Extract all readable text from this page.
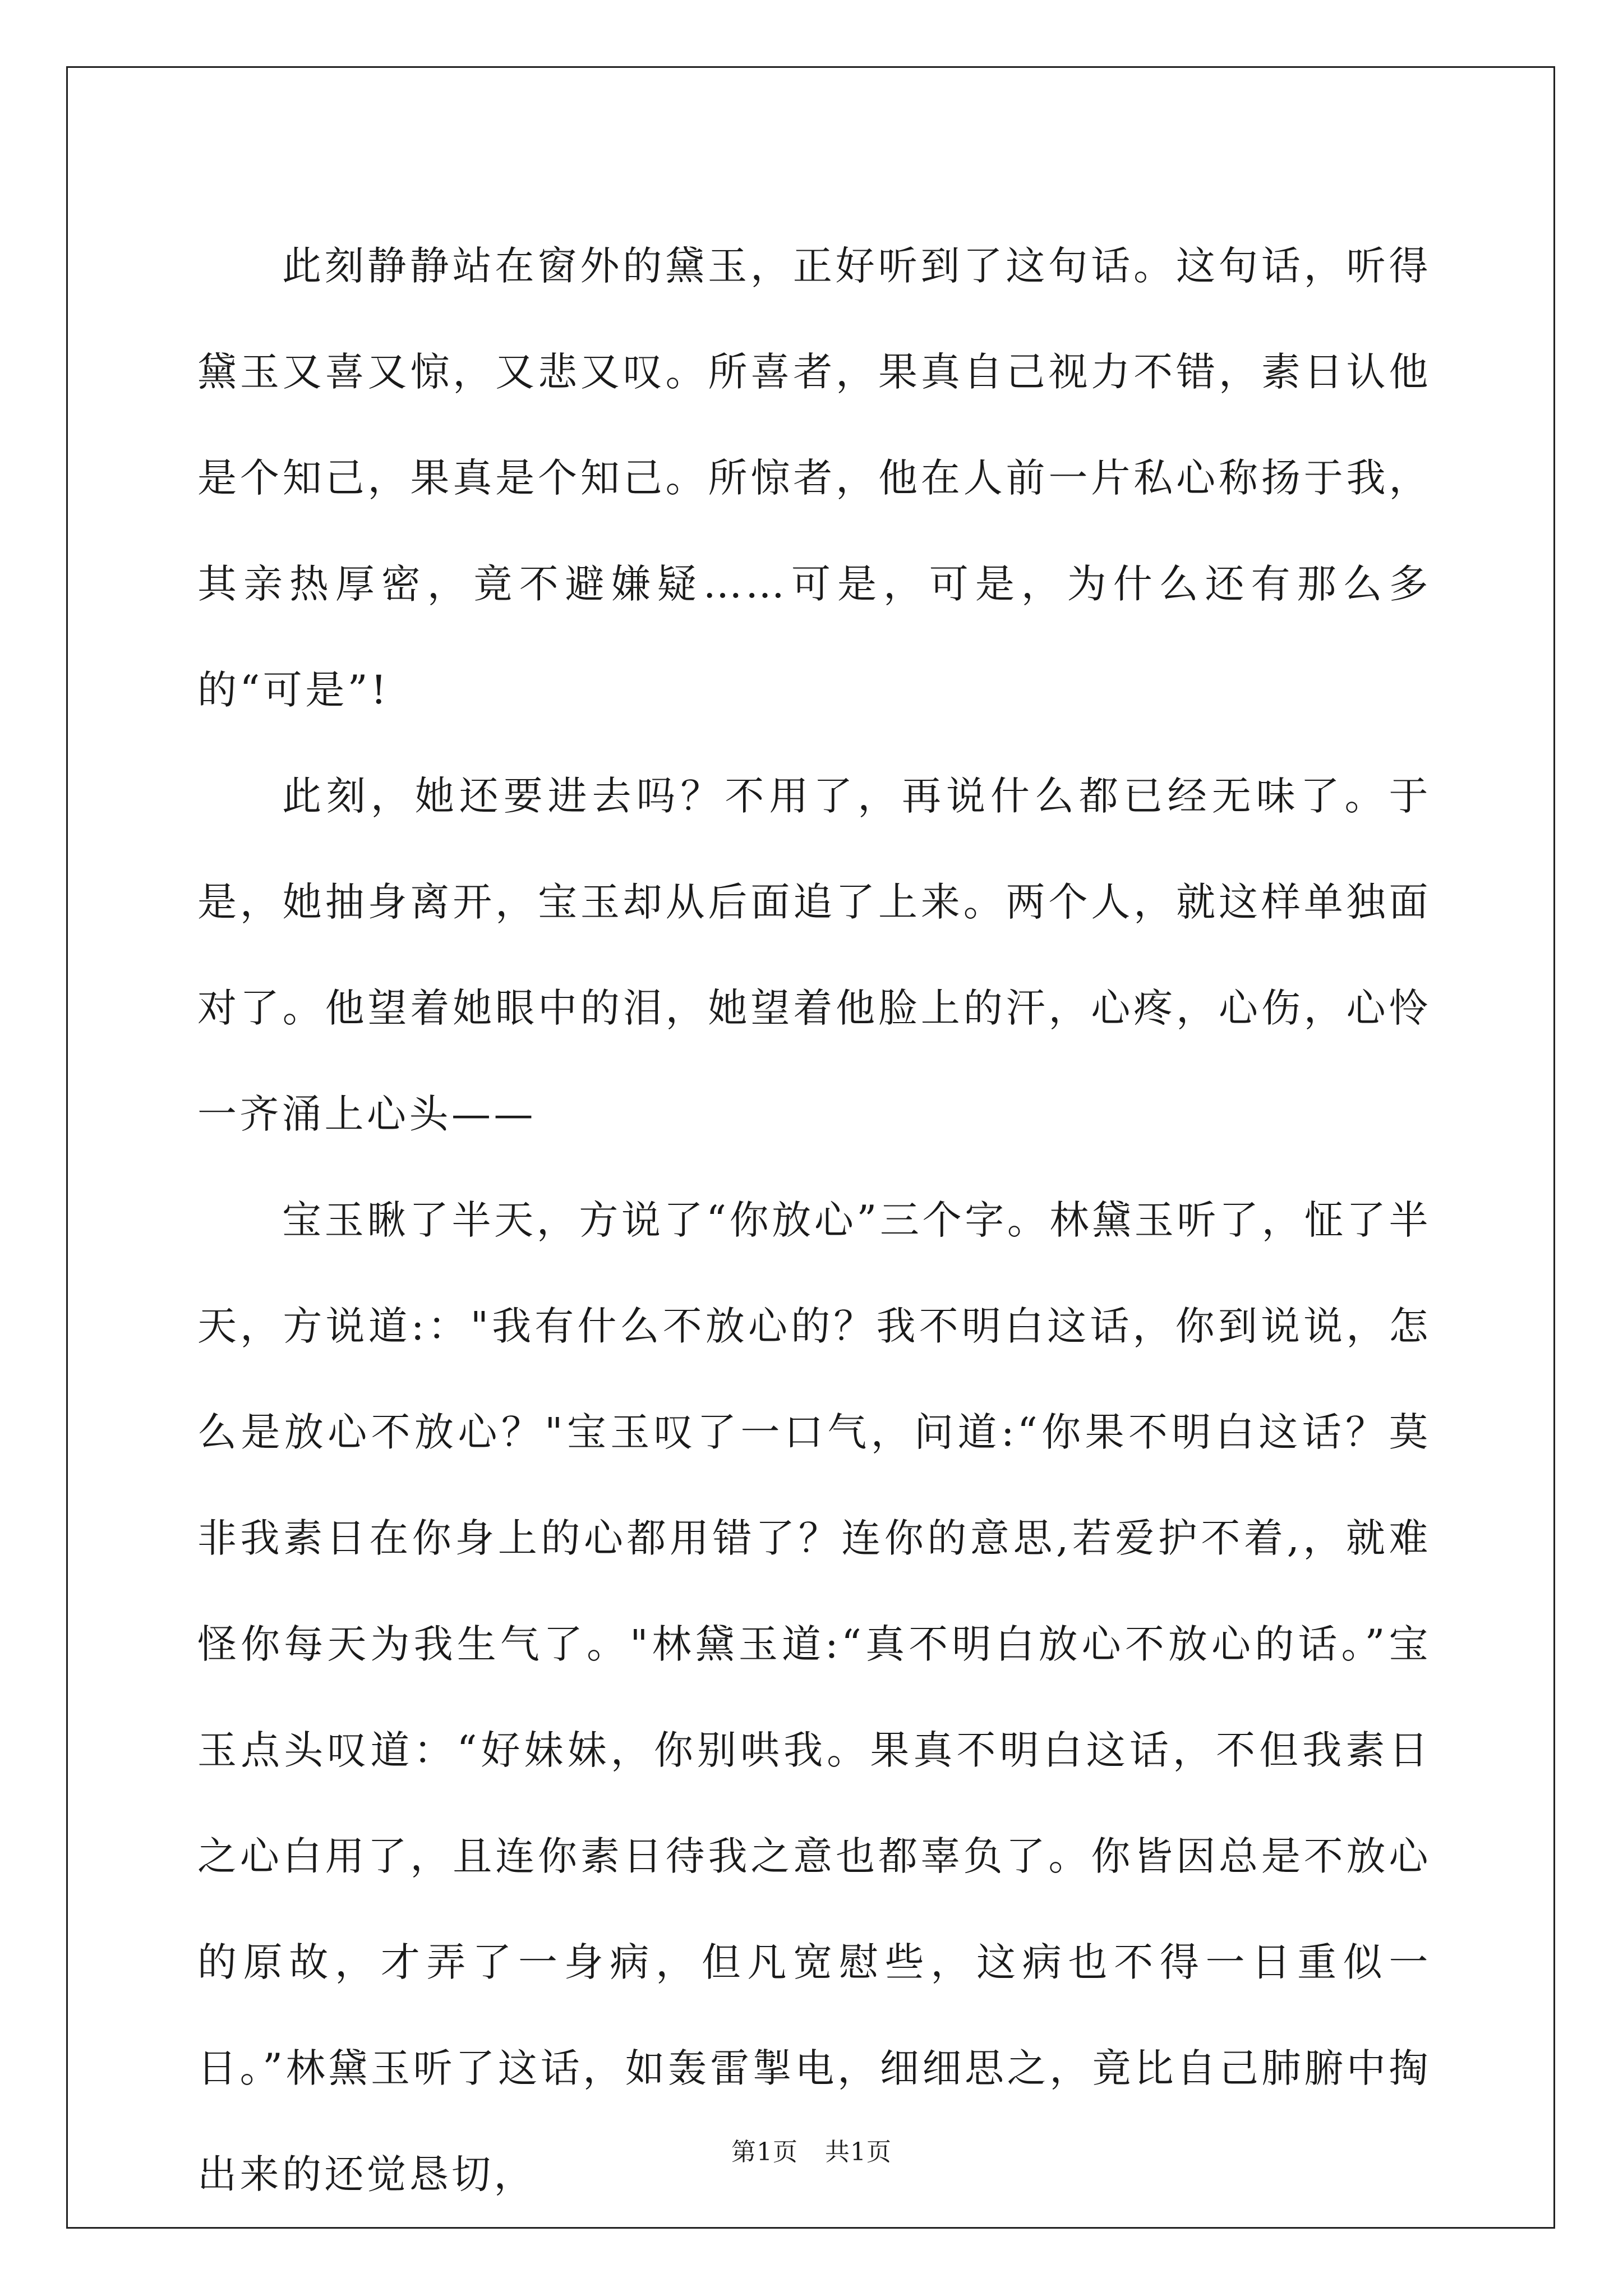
此刻静静站在窗外的黛玉，正好听到了这句话。这句话，听得黛玉又喜又惊，又悲又叹。所喜者，果真自己视力不错，素日认他是个知己，果真是个知己。所惊者，他在人前一片私心称扬于我，其亲热厚密，竟不避嫌疑……可是，可是，为什么还有那么多的“可是”!

此刻，她还要进去吗？不用了，再说什么都已经无味了。于是，她抽身离开，宝玉却从后面追了上来。两个人，就这样单独面对了。他望着她眼中的泪，她望着他脸上的汗，心疼，心伤，心怜一齐涌上心头——

宝玉瞅了半天，方说了“你放心”三个字。林黛玉听了，怔了半天，方说道:："我有什么不放心的？我不明白这话，你到说说，怎么是放心不放心？"宝玉叹了一口气，问道:“你果不明白这话？莫非我素日在你身上的心都用错了？连你的意思,若爱护不着,，就难怪你每天为我生气了。"林黛玉道:“真不明白放心不放心的话。”宝玉点头叹道：“好妹妹，你别哄我。果真不明白这话，不但我素日之心白用了，且连你素日待我之意也都辜负了。你皆因总是不放心的原故，才弄了一身病，但凡宽慰些，这病也不得一日重似一日。”林黛玉听了这话，如轰雷掣电，细细思之，竟比自己肺腑中掏出来的还觉恳切，	第1页 共1页
